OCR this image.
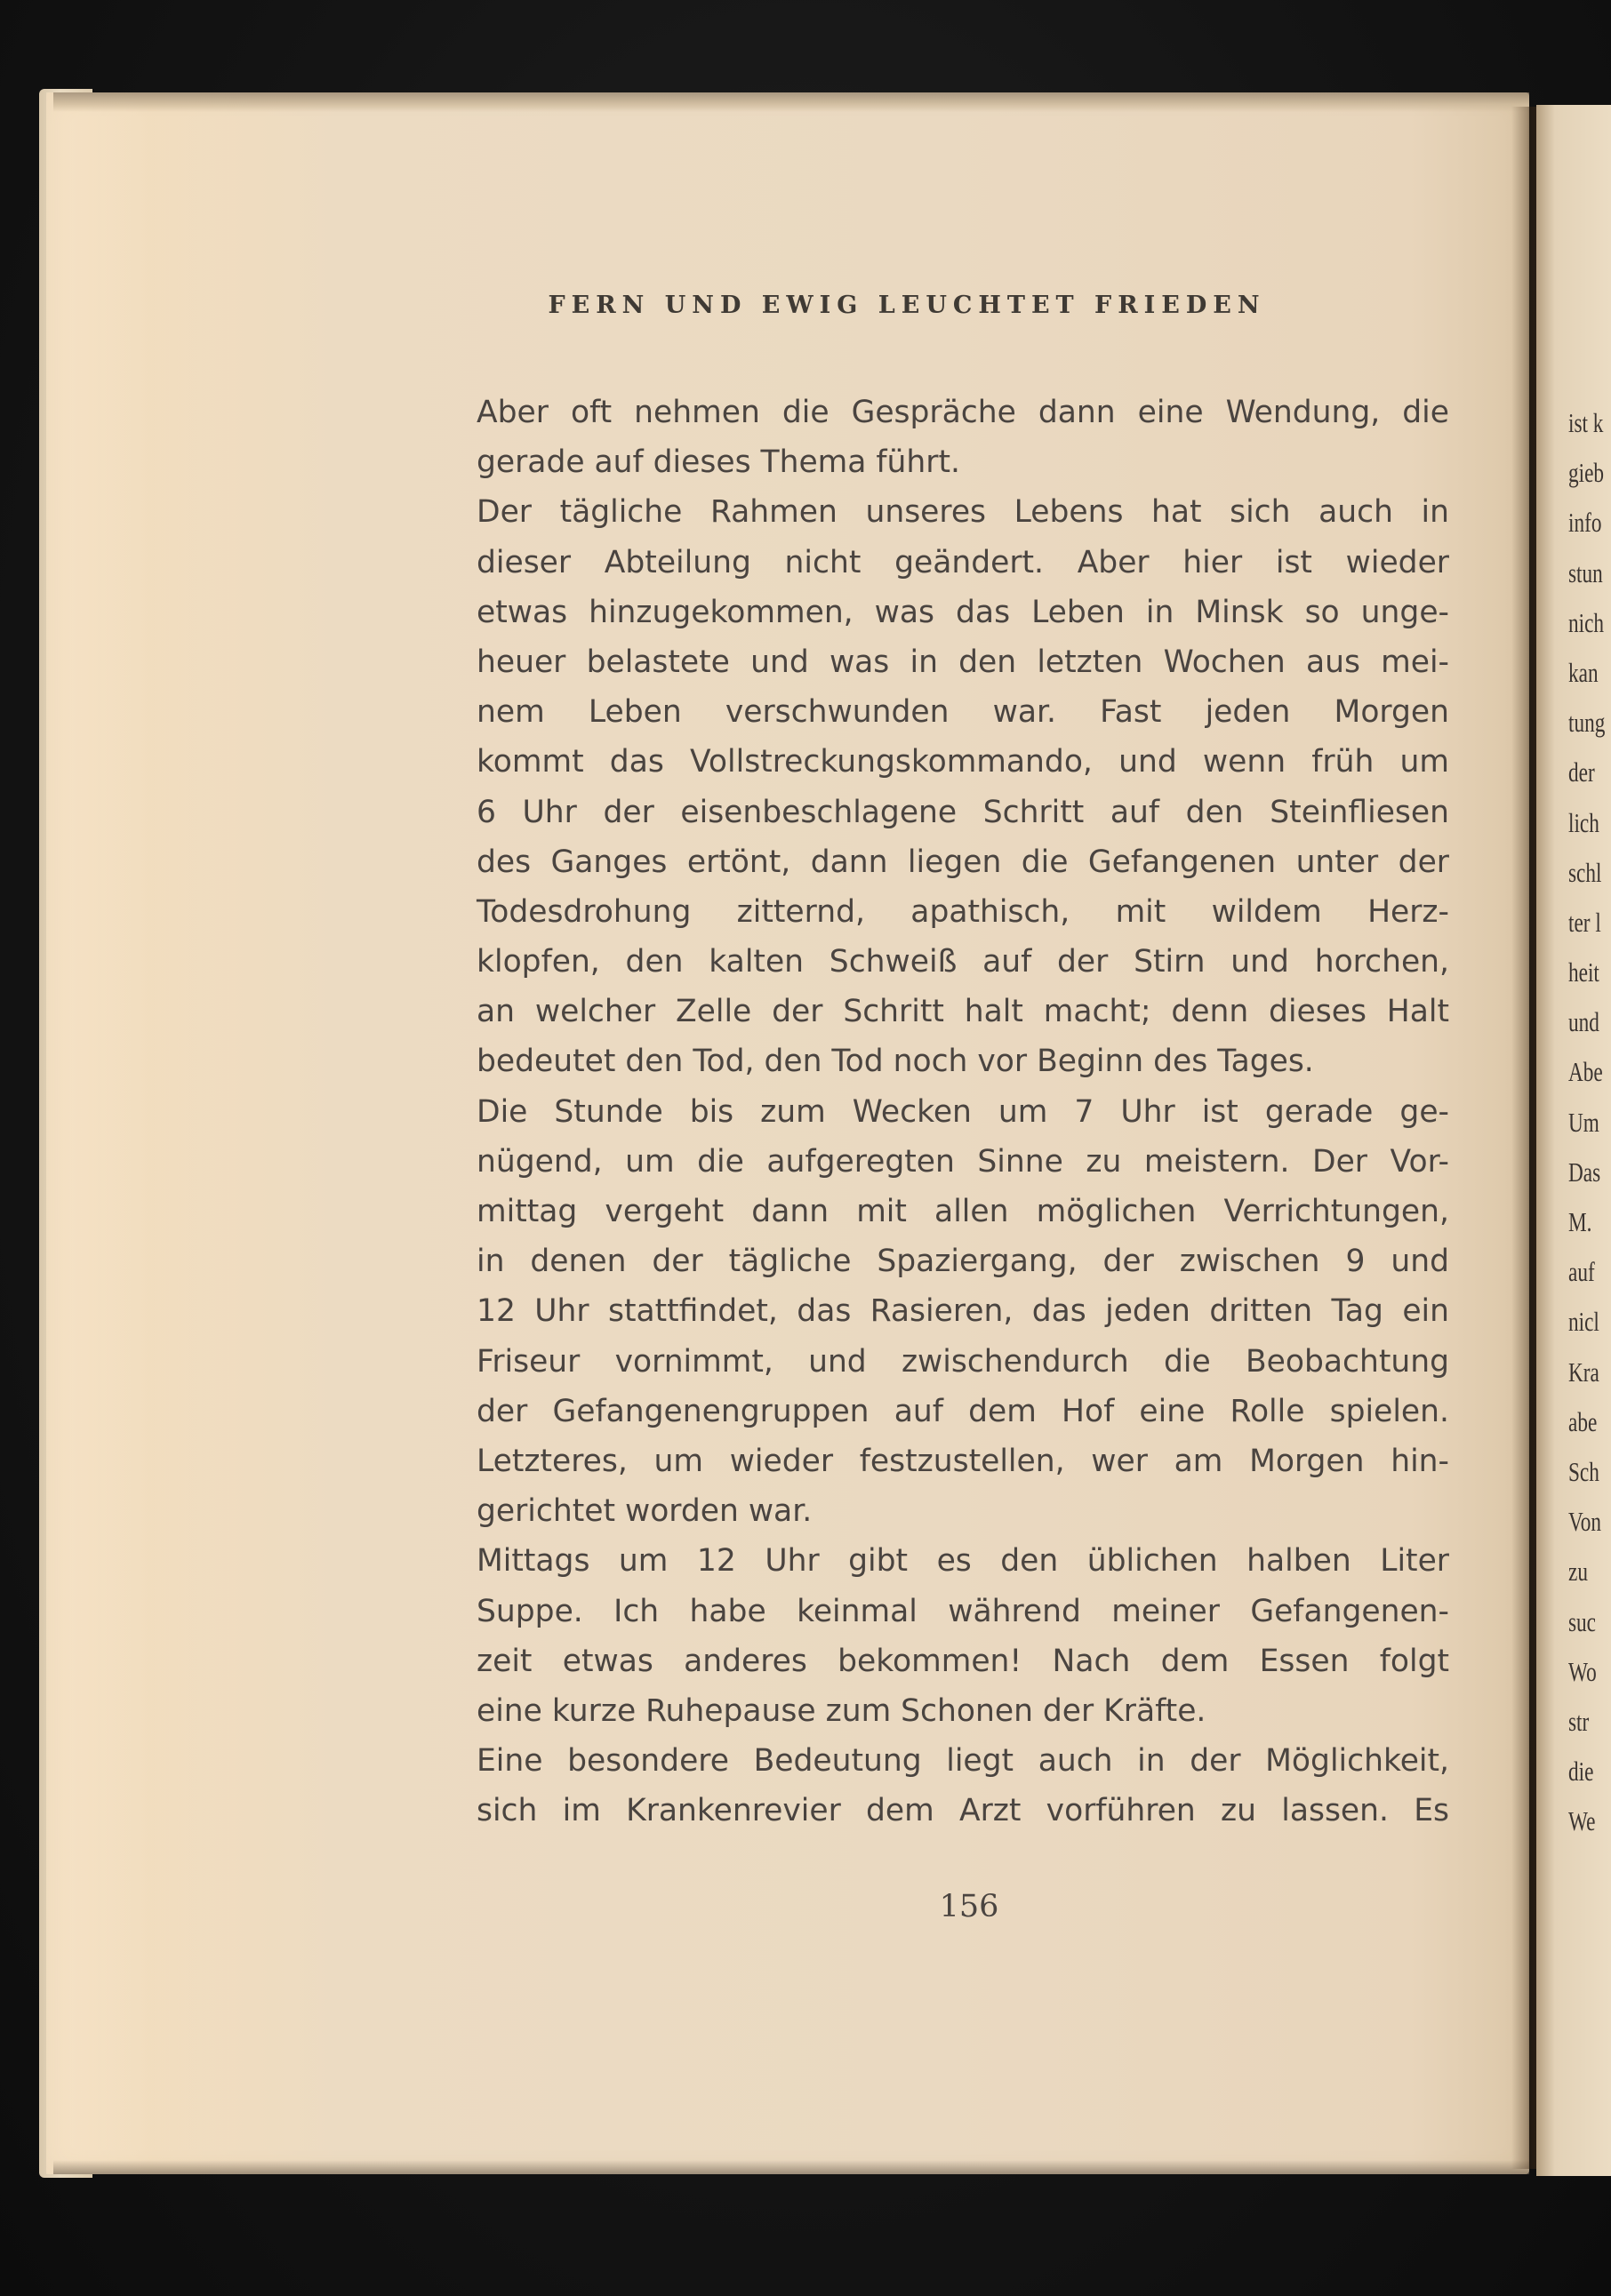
FERN UND EWIG LEUCHTET FRIEDEN
Aber oft nehmen die Gespräche dann eine Wendung, die
gerade auf dieses Thema führt.
Der tägliche Rahmen unseres Lebens hat sich auch in
dieser Abteilung nicht geändert. Aber hier ist wieder
etwas hinzugekommen, was das Leben in Minsk so unge-
heuer belastete und was in den letzten Wochen aus mei-
nem Leben verschwunden war. Fast jeden Morgen
kommt das Vollstreckungskommando, und wenn früh um
6 Uhr der eisenbeschlagene Schritt auf den Steinfliesen
des Ganges ertönt, dann liegen die Gefangenen unter der
Todesdrohung zitternd, apathisch, mit wildem Herz-
klopfen, den kalten Schweiß auf der Stirn und horchen,
an welcher Zelle der Schritt halt macht; denn dieses Halt
bedeutet den Tod, den Tod noch vor Beginn des Tages.
Die Stunde bis zum Wecken um 7 Uhr ist gerade ge-
nügend, um die aufgeregten Sinne zu meistern. Der Vor-
mittag vergeht dann mit allen möglichen Verrichtungen,
in denen der tägliche Spaziergang, der zwischen 9 und
12 Uhr stattfindet, das Rasieren, das jeden dritten Tag ein
Friseur vornimmt, und zwischendurch die Beobachtung
der Gefangenengruppen auf dem Hof eine Rolle spielen.
Letzteres, um wieder festzustellen, wer am Morgen hin-
gerichtet worden war.
Mittags um 12 Uhr gibt es den üblichen halben Liter
Suppe. Ich habe keinmal während meiner Gefangenen-
zeit etwas anderes bekommen! Nach dem Essen folgt
eine kurze Ruhepause zum Schonen der Kräfte.
Eine besondere Bedeutung liegt auch in der Möglichkeit,
sich im Krankenrevier dem Arzt vorführen zu lassen. Es
156
ist k
gieb
info
stun
nich
kan
tung
der
lich
schl
ter l
heit
und
Abe
Um
Das
M.
auf
nicl
Kra
abe
Sch
Von
zu
suc
Wo
str
die
We
